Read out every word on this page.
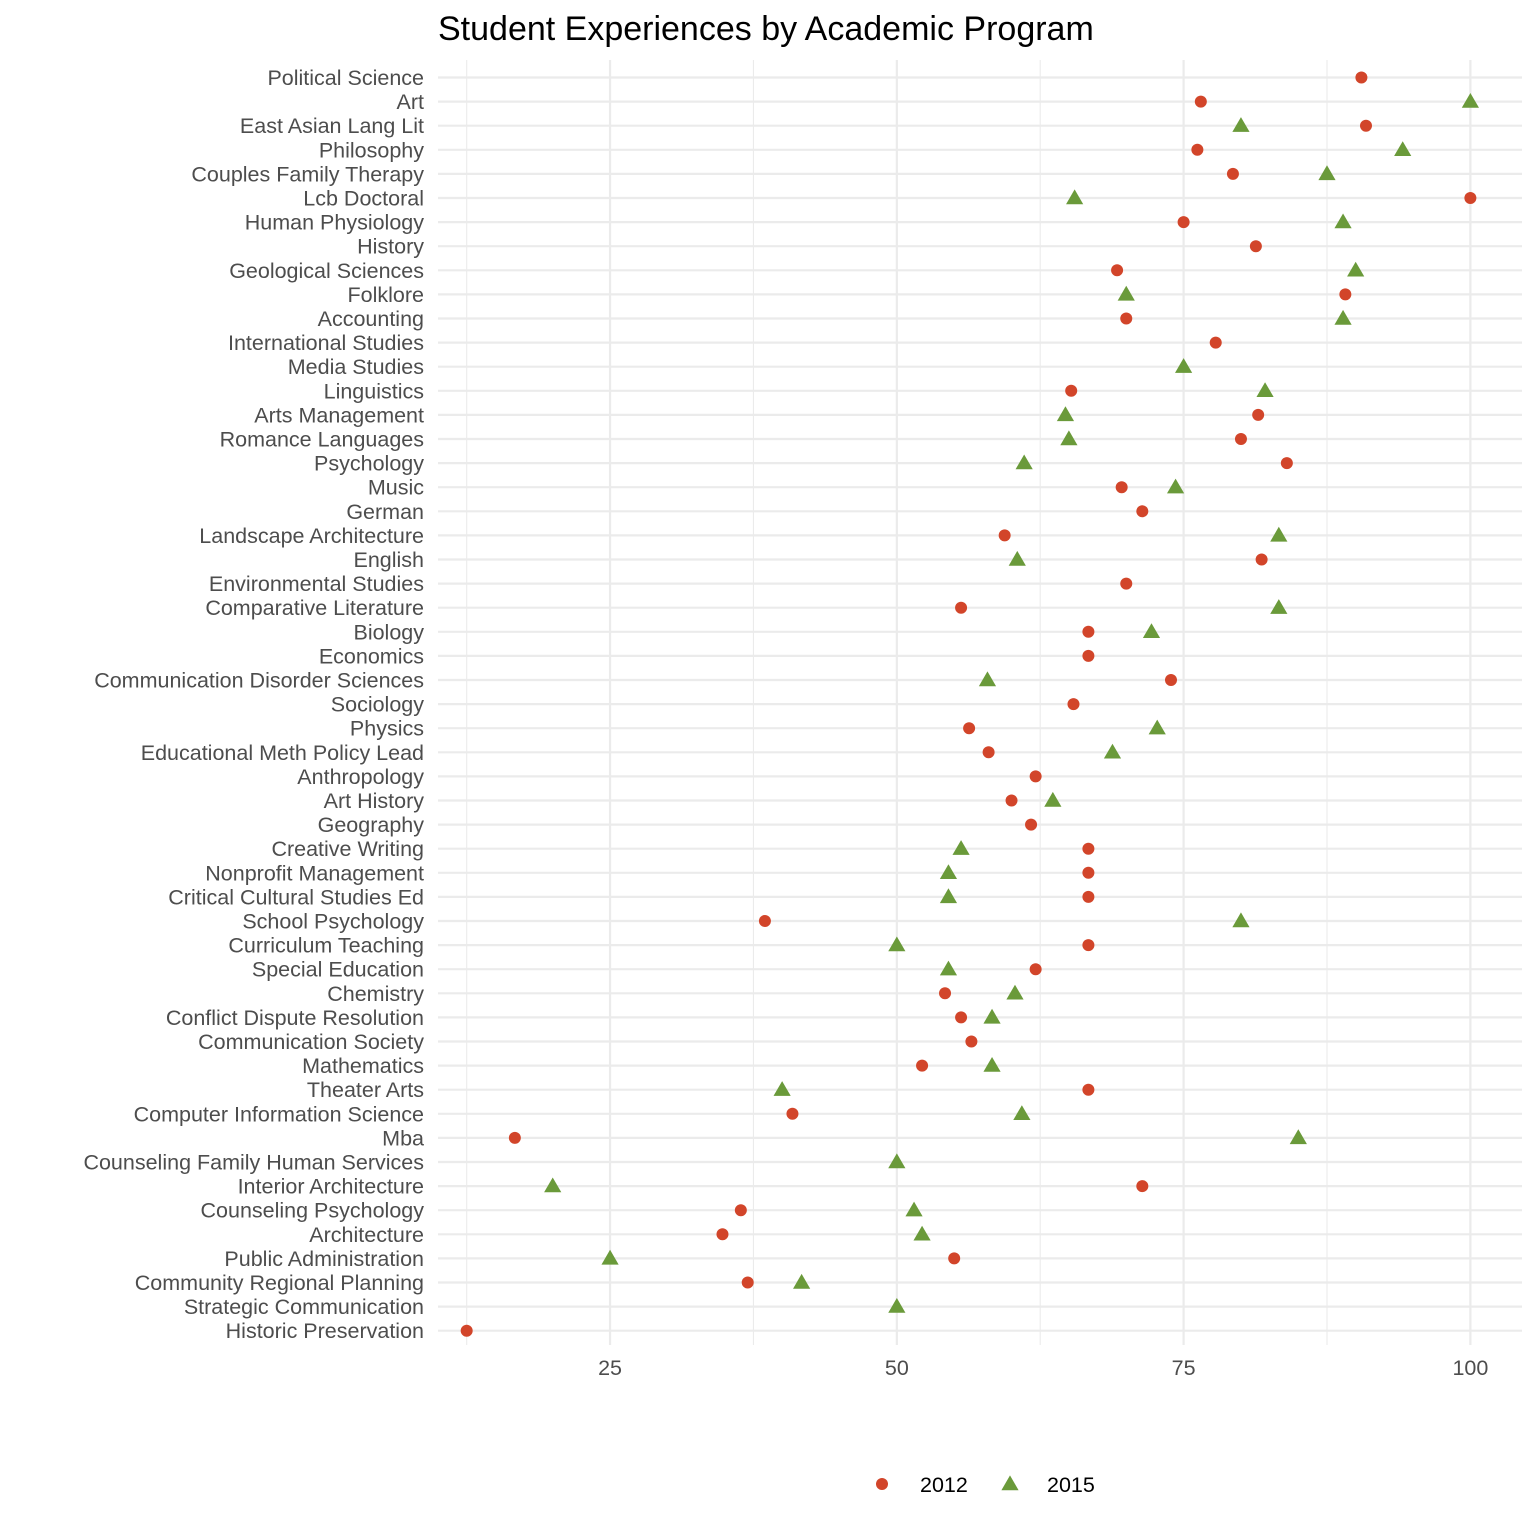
Student Experiences by Academic Program
Political Science
Art
East Asian Lang Lit
Philosophy
Couples Family Therapy
Lcb Doctoral
Human Physiology
History
Geological Sciences
Folklore
Accounting
International Studies
Media Studies
Linguistics
Arts Management
Romance Languages
Psychology
Music
German
Landscape Architecture
English
Environmental Studies
Comparative Literature
Biology
Economics
Communication Disorder Sciences
Sociology
Physics
Educational Meth Policy Lead
Anthropology
Art History
Geography
Creative Writing
Nonprofit Management
Critical Cultural Studies Ed
School Psychology
Curriculum Teaching
Special Education
Chemistry
Conflict Dispute Resolution
Communication Society
Mathematics
Theater Arts
Computer Information Science
Mba
Counseling Family Human Services
Interior Architecture
Counseling Psychology
Architecture
Public Administration
Community Regional Planning
Strategic Communication
Historic Preservation
25	50	75	100
2012	2015
